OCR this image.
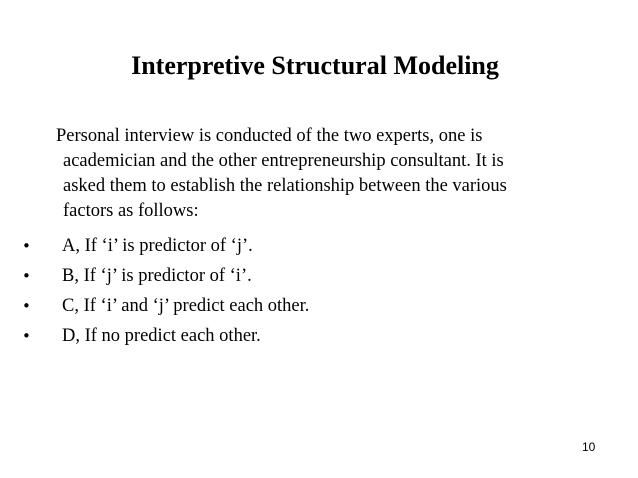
Interpretive Structural Modeling
Personal interview is conducted of the two experts, one is
academician and the other entrepreneurship consultant. It is
asked them to establish the relationship between the various
factors as follows:
• A, If ‘i’ is predictor of ‘j’.
• B, If ‘j’ is predictor of ‘i’.
• C, If ‘i’ and ‘j’ predict each other.
• D, If no predict each other.
10
